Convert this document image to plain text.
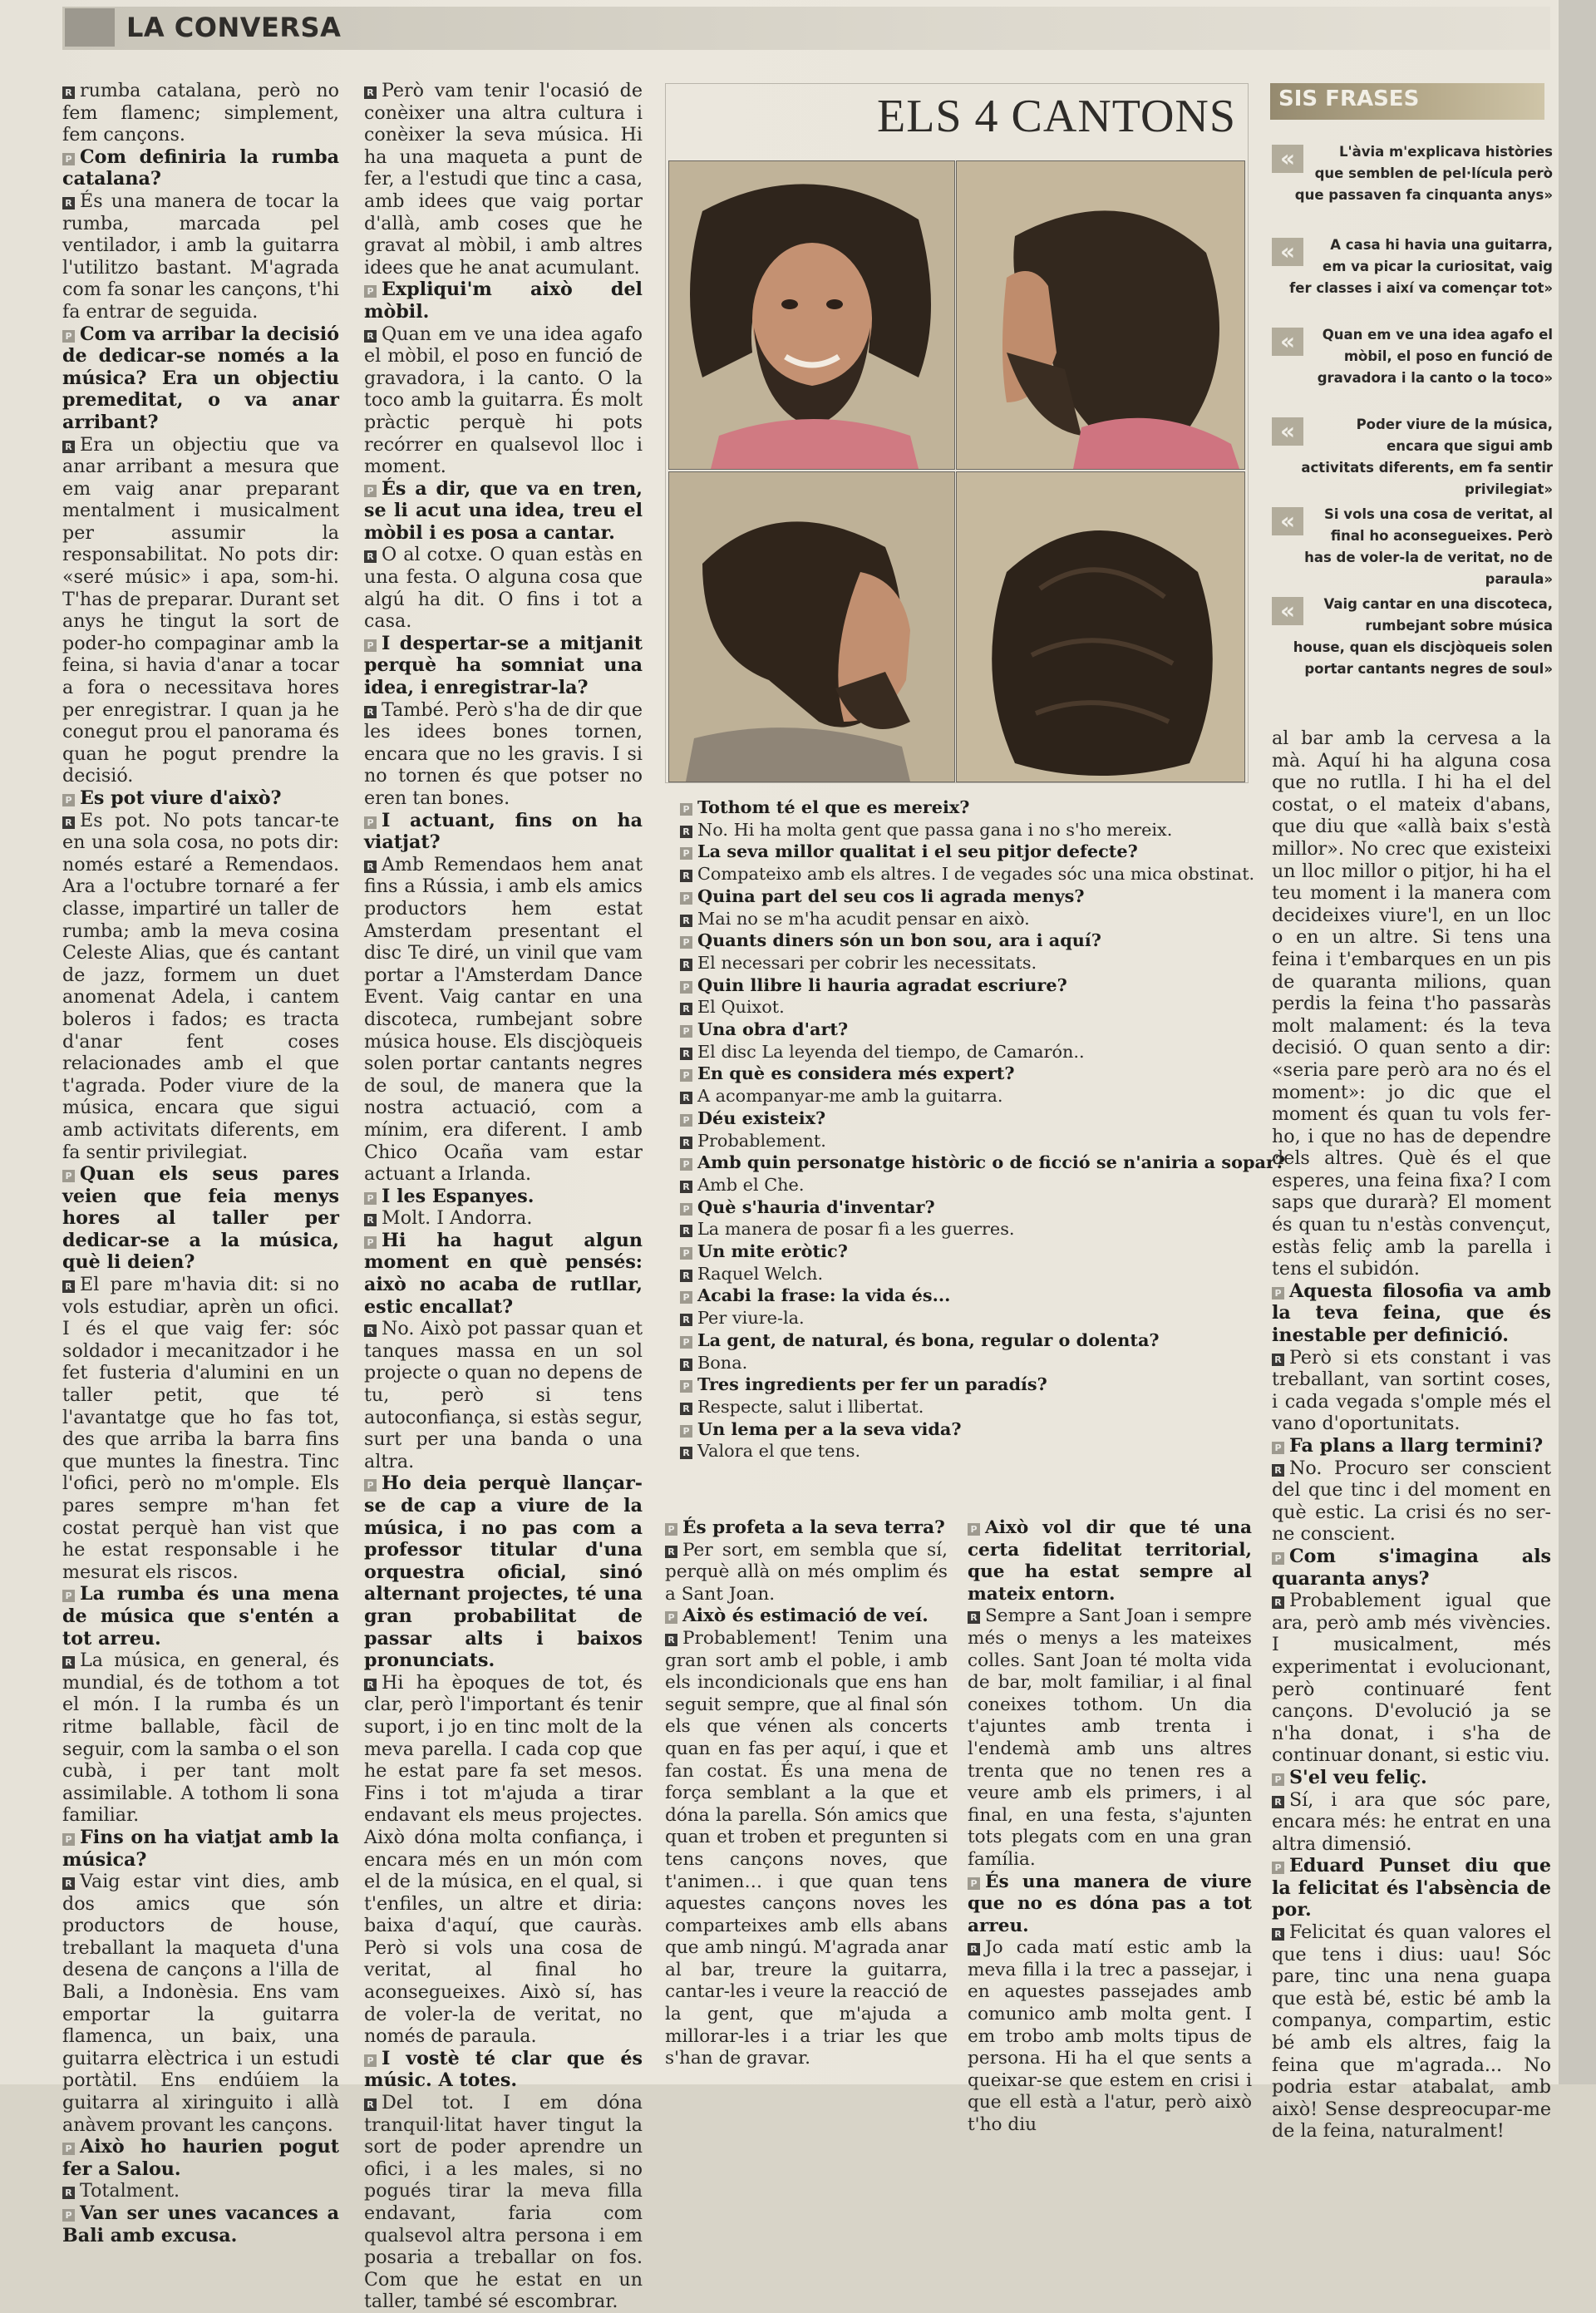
LA CONVERSA

R rumba catalana, però no fem flamenc; simplement, fem cançons.

P Com definiria la rumba catalana?

R És una manera de tocar la rumba, marcada pel ventilador, i amb la guitarra l'utilitzo bastant. M'agrada com fa sonar les cançons, t'hi fa entrar de seguida.

P Com va arribar la decisió de dedicar-se només a la música? Era un objectiu premeditat, o va anar arribant?

R Era un objectiu que va anar arribant a mesura que em vaig anar preparant mentalment i musicalment per assumir la responsabilitat. No pots dir: «seré músic» i apa, som-hi. T'has de preparar. Durant set anys he tingut la sort de poder-ho compaginar amb la feina, si havia d'anar a tocar a fora o necessitava hores per enregistrar. I quan ja he conegut prou el panorama és quan he pogut prendre la decisió.

P Es pot viure d'això?

R Es pot. No pots tancar-te en una sola cosa, no pots dir: només estaré a Remendaos. Ara a l'octubre tornaré a fer classe, impartiré un taller de rumba; amb la meva cosina Celeste Alias, que és cantant de jazz, formem un duet anomenat Adela, i cantem boleros i fados; es tracta d'anar fent coses relacionades amb el que t'agrada. Poder viure de la música, encara que sigui amb activitats diferents, em fa sentir privilegiat.

P Quan els seus pares veien que feia menys hores al taller per dedicar-se a la música, què li deien?

R El pare m'havia dit: si no vols estudiar, aprèn un ofici. I és el que vaig fer: sóc soldador i mecanitzador i he fet fusteria d'alumini en un taller petit, que té l'avantatge que ho fas tot, des que arriba la barra fins que muntes la finestra. Tinc l'ofici, però no m'omple. Els pares sempre m'han fet costat perquè han vist que he estat responsable i he mesurat els riscos.

P La rumba és una mena de música que s'entén a tot arreu.

R La música, en general, és mundial, és de tothom a tot el món. I la rumba és un ritme ballable, fàcil de seguir, com la samba o el son cubà, i per tant molt assimilable. A tothom li sona familiar.

P Fins on ha viatjat amb la música?

R Vaig estar vint dies, amb dos amics que són productors de house, treballant la maqueta d'una desena de cançons a l'illa de Bali, a Indonèsia. Ens vam emportar la guitarra flamenca, un baix, una guitarra elèctrica i un estudi portàtil. Ens endúiem la guitarra al xiringuito i allà anàvem provant les cançons.

P Això ho haurien pogut fer a Salou.

R Totalment.

P Van ser unes vacances a Bali amb excusa.

R Però vam tenir l'ocasió de conèixer una altra cultura i conèixer la seva música. Hi ha una maqueta a punt de fer, a l'estudi que tinc a casa, amb idees que vaig portar d'allà, amb coses que he gravat al mòbil, i amb altres idees que he anat acumulant.

P Expliqui'm això del mòbil.

R Quan em ve una idea agafo el mòbil, el poso en funció de gravadora, i la canto. O la toco amb la guitarra. És molt pràctic perquè hi pots recórrer en qualsevol lloc i moment.

P És a dir, que va en tren, se li acut una idea, treu el mòbil i es posa a cantar.

R O al cotxe. O quan estàs en una festa. O alguna cosa que algú ha dit. O fins i tot a casa.

P I despertar-se a mitjanit perquè ha somniat una idea, i enregistrar-la?

R També. Però s'ha de dir que les idees bones tornen, encara que no les gravis. I si no tornen és que potser no eren tan bones.

P I actuant, fins on ha viatjat?

R Amb Remendaos hem anat fins a Rússia, i amb els amics productors hem estat Amsterdam presentant el disc Te diré, un vinil que vam portar a l'Amsterdam Dance Event. Vaig cantar en una discoteca, rumbejant sobre música house. Els discjòqueis solen portar cantants negres de soul, de manera que la nostra actuació, com a mínim, era diferent. I amb Chico Ocaña vam estar actuant a Irlanda.

P I les Espanyes.

R Molt. I Andorra.

P Hi ha hagut algun moment en què pensés: això no acaba de rutllar, estic encallat?

R No. Això pot passar quan et tanques massa en un sol projecte o quan no depens de tu, però si tens autoconfiança, si estàs segur, surt per una banda o una altra.

P Ho deia perquè llançar-se de cap a viure de la música, i no pas com a professor titular d'una orquestra oficial, sinó alternant projectes, té una gran probabilitat de passar alts i baixos pronunciats.

R Hi ha èpoques de tot, és clar, però l'important és tenir suport, i jo en tinc molt de la meva parella. I cada cop que he estat pare fa set mesos. Fins i tot m'ajuda a tirar endavant els meus projectes. Això dóna molta confiança, i encara més en un món com el de la música, en el qual, si t'enfiles, un altre et diria: baixa d'aquí, que cauràs. Però si vols una cosa de veritat, al final ho aconsegueixes. Això sí, has de voler-la de veritat, no només de paraula.

P I vostè té clar que és músic. A totes.

R Del tot. I em dóna tranquil·litat haver tingut la sort de poder aprendre un ofici, i a les males, si no pogués tirar la meva filla endavant, faria com qualsevol altra persona i em posaria a treballar on fos. Com que he estat en un taller, també sé escombrar.

ELS 4 CANTONS

P Tothom té el que es mereix?

R No. Hi ha molta gent que passa gana i no s'ho mereix.

P La seva millor qualitat i el seu pitjor defecte?

R Compateixo amb els altres. I de vegades sóc una mica obstinat.

P Quina part del seu cos li agrada menys?

R Mai no se m'ha acudit pensar en això.

P Quants diners són un bon sou, ara i aquí?

R El necessari per cobrir les necessitats.

P Quin llibre li hauria agradat escriure?

R El Quixot.

P Una obra d'art?

R El disc La leyenda del tiempo, de Camarón..

P En què es considera més expert?

R A acompanyar-me amb la guitarra.

P Déu existeix?

R Probablement.

P Amb quin personatge històric o de ficció se n'aniria a sopar?

R Amb el Che.

P Què s'hauria d'inventar?

R La manera de posar fi a les guerres.

P Un mite eròtic?

R Raquel Welch.

P Acabi la frase: la vida és...

R Per viure-la.

P La gent, de natural, és bona, regular o dolenta?

R Bona.

P Tres ingredients per fer un paradís?

R Respecte, salut i llibertat.

P Un lema per a la seva vida?

R Valora el que tens.

P És profeta a la seva terra?

R Per sort, em sembla que sí, perquè allà on més omplim és a Sant Joan.

P Això és estimació de veí.

R Probablement! Tenim una gran sort amb el poble, i amb els incondicionals que ens han seguit sempre, que al final són els que vénen als concerts quan en fas per aquí, i que et fan costat. És una mena de força semblant a la que et dóna la parella. Són amics que quan et troben et pregunten si tens cançons noves, que t'animen… i que quan tens aquestes cançons noves les comparteixes amb ells abans que amb ningú. M'agrada anar al bar, treure la guitarra, cantar-les i veure la reacció de la gent, que m'ajuda a millorar-les i a triar les que s'han de gravar.

P Això vol dir que té una certa fidelitat territorial, que ha estat sempre al mateix entorn.

R Sempre a Sant Joan i sempre més o menys a les mateixes colles. Sant Joan té molta vida de bar, molt familiar, i al final coneixes tothom. Un dia t'ajuntes amb trenta i l'endemà amb uns altres trenta que no tenen res a veure amb els primers, i al final, en una festa, s'ajunten tots plegats com en una gran família.

P És una manera de viure que no es dóna pas a tot arreu.

R Jo cada matí estic amb la meva filla i la trec a passejar, i en aquestes passejades amb comunico amb molta gent. I em trobo amb molts tipus de persona. Hi ha el que sents a queixar-se que estem en crisi i que ell està a l'atur, però això t'ho diu

SIS FRASES
«	L'àvia m'explicava històries que semblen de pel·lícula però que passaven fa cinquanta anys»
«	A casa hi havia una guitarra, em va picar la curiositat, vaig fer classes i així va començar tot»
«	Quan em ve una idea agafo el mòbil, el poso en funció de gravadora i la canto o la toco»
«	Poder viure de la música, encara que sigui amb activitats diferents, em fa sentir privilegiat»
«	Si vols una cosa de veritat, al final ho aconsegueixes. Però has de voler-la de veritat, no de paraula»
«	Vaig cantar en una discoteca, rumbejant sobre música house, quan els discjòqueis solen portar cantants negres de soul»

al bar amb la cervesa a la mà. Aquí hi ha alguna cosa que no rutlla. I hi ha el del costat, o el mateix d'abans, que diu que «allà baix s'està millor». No crec que existeixi un lloc millor o pitjor, hi ha el teu moment i la manera com decideixes viure'l, en un lloc o en un altre. Si tens una feina i t'embarques en un pis de quaranta milions, quan perdis la feina t'ho passaràs molt malament: és la teva decisió. O quan sento a dir: «seria pare però ara no és el moment»: jo dic que el moment és quan tu vols fer-ho, i que no has de dependre dels altres. Què és el que esperes, una feina fixa? I com saps que durarà? El moment és quan tu n'estàs convençut, estàs feliç amb la parella i tens el subidón.

P Aquesta filosofia va amb la teva feina, que és inestable per definició.

R Però si ets constant i vas treballant, van sortint coses, i cada vegada s'omple més el vano d'oportunitats.

P Fa plans a llarg termini?

R No. Procuro ser conscient del que tinc i del moment en què estic. La crisi és no ser-ne conscient.

P Com s'imagina als quaranta anys?

R Probablement igual que ara, però amb més vivències. I musicalment, més experimentat i evolucionant, però continuaré fent cançons. D'evolució ja se n'ha donat, i s'ha de continuar donant, si estic viu.

P S'el veu feliç.

R Sí, i ara que sóc pare, encara més: he entrat en una altra dimensió.

P Eduard Punset diu que la felicitat és l'absència de por.

R Felicitat és quan valores el que tens i dius: uau! Sóc pare, tinc una nena guapa que està bé, estic bé amb la companya, compartim, estic bé amb els altres, faig la feina que m'agrada... No podria estar atabalat, amb això! Sense despreocupar-me de la feina, naturalment!
